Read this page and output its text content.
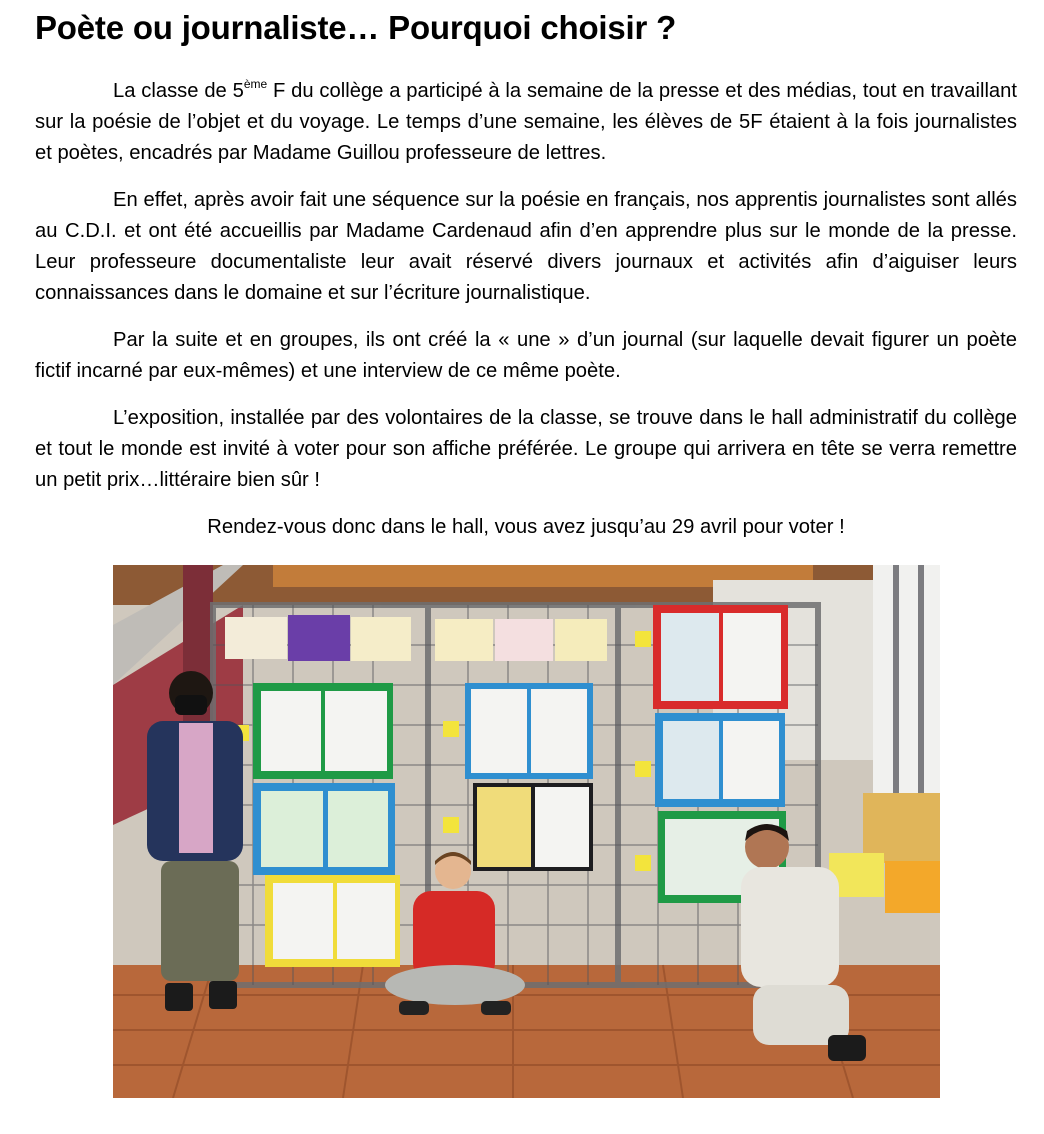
Poète ou journaliste… Pourquoi choisir ?

La classe de 5ème F du collège a participé à la semaine de la presse et des médias, tout en travaillant sur la poésie de l’objet et du voyage. Le temps d’une semaine, les élèves de 5F étaient à la fois journalistes et poètes, encadrés par Madame Guillou professeure de lettres.

En effet, après avoir fait une séquence sur la poésie en français, nos apprentis journalistes sont allés au C.D.I. et ont été accueillis par Madame Cardenaud afin d’en apprendre plus sur le monde de la presse. Leur professeure documentaliste leur avait réservé divers journaux et activités afin d’aiguiser leurs connaissances dans le domaine et sur l’écriture journalistique.

Par la suite et en groupes, ils ont créé la « une » d’un journal (sur laquelle devait figurer un poète fictif incarné par eux-mêmes) et une interview de ce même poète.

L’exposition, installée par des volontaires de la classe, se trouve dans le hall administratif du collège et tout le monde est invité à voter pour son affiche préférée. Le groupe qui arrivera en tête se verra remettre un petit prix…littéraire bien sûr !

Rendez-vous donc dans le hall, vous avez jusqu’au 29 avril pour voter !
